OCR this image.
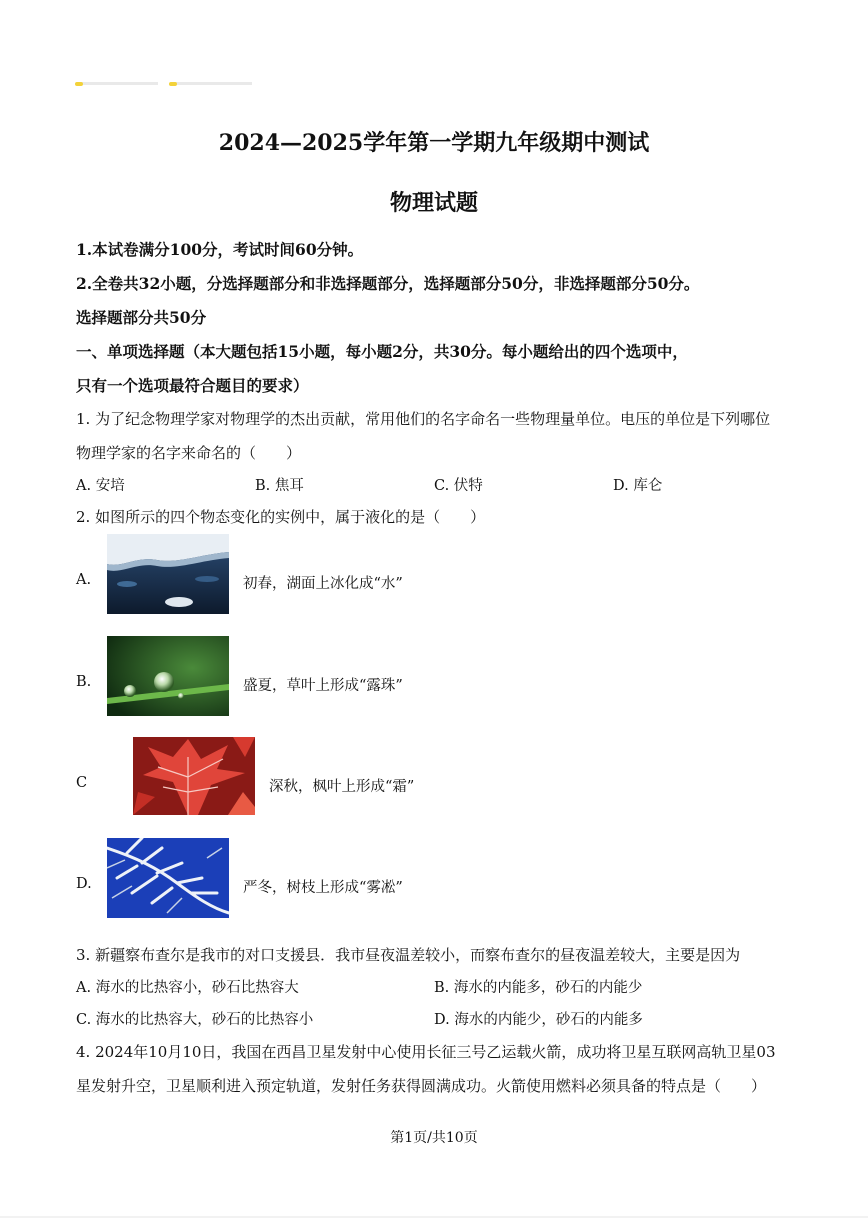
2024—2025学年第一学期九年级期中测试
物理试题
1.本试卷满分100分，考试时间60分钟。
2.全卷共32小题，分选择题部分和非选择题部分，选择题部分50分，非选择题部分50分。
选择题部分共50分
一、单项选择题（本大题包括15小题，每小题2分，共30分。每小题给出的四个选项中，
只有一个选项最符合题目的要求）
1. 为了纪念物理学家对物理学的杰出贡献，常用他们的名字命名一些物理量单位。电压的单位是下列哪位
物理学家的名字来命名的（　　）
A. 安培	B. 焦耳	C. 伏特	D. 库仑
2. 如图所示的四个物态变化的实例中，属于液化的是（　　）
A.	初春，湖面上冰化成“水”
B.	盛夏，草叶上形成“露珠”
C	深秋，枫叶上形成“霜”
D.	严冬，树枝上形成“雾凇”
3. 新疆察布查尔是我市的对口支援县．我市昼夜温差较小，而察布查尔的昼夜温差较大，主要是因为
A. 海水的比热容小，砂石比热容大	B. 海水的内能多，砂石的内能少
C. 海水的比热容大，砂石的比热容小	D. 海水的内能少，砂石的内能多
4. 2024年10月10日，我国在西昌卫星发射中心使用长征三号乙运载火箭，成功将卫星互联网高轨卫星03
星发射升空，卫星顺利进入预定轨道，发射任务获得圆满成功。火箭使用燃料必须具备的特点是（　　）
第1页/共10页
